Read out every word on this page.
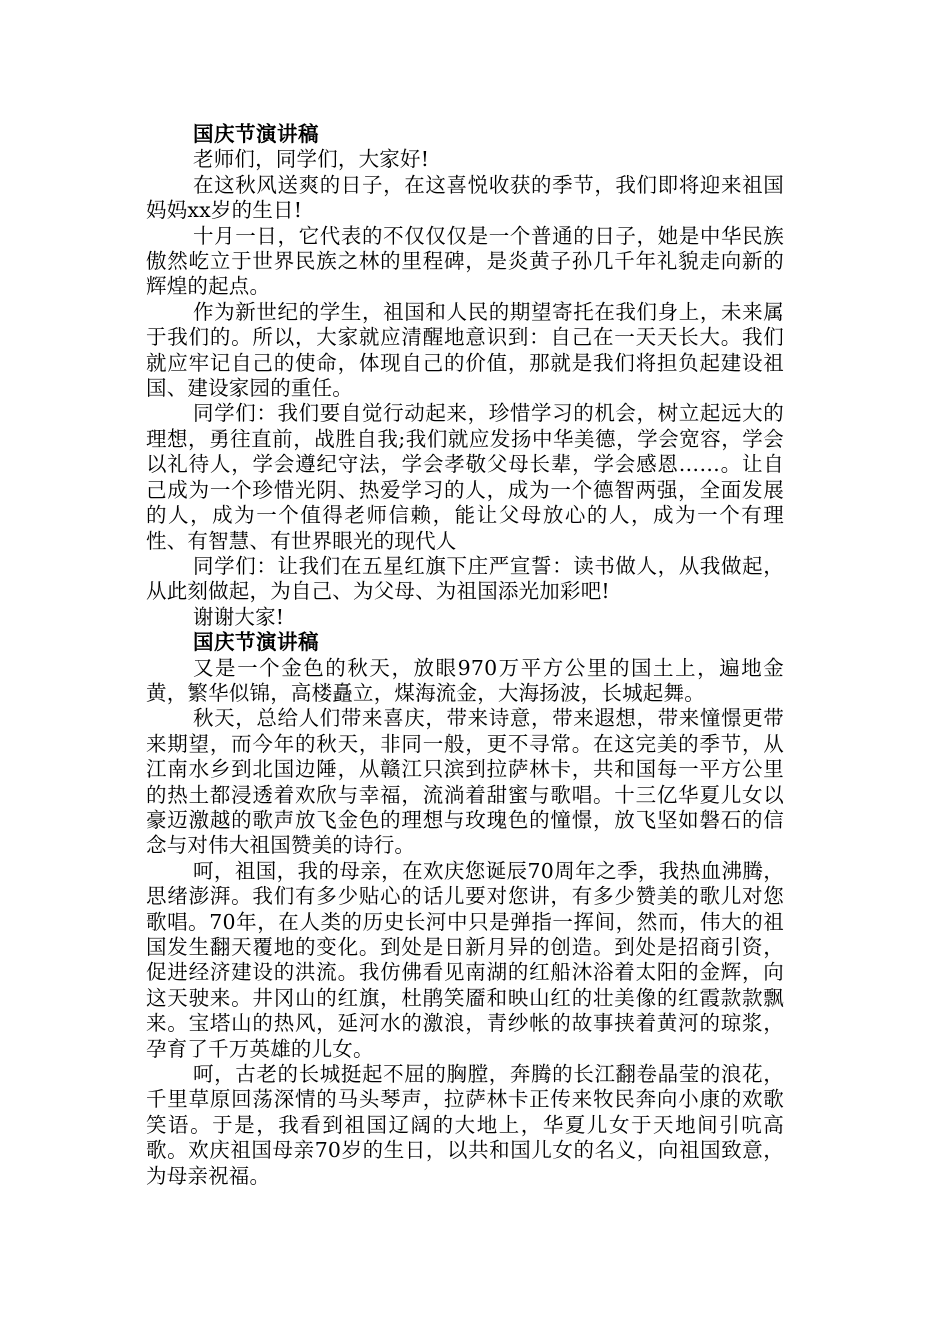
国庆节演讲稿

老师们，同学们，大家好!

在这秋风送爽的日子，在这喜悦收获的季节，我们即将迎来祖国妈妈xx岁的生日!

十月一日，它代表的不仅仅仅是一个普通的日子，她是中华民族傲然屹立于世界民族之林的里程碑，是炎黄子孙几千年礼貌走向新的辉煌的起点。

作为新世纪的学生，祖国和人民的期望寄托在我们身上，未来属于我们的。所以，大家就应清醒地意识到：自己在一天天长大。我们就应牢记自己的使命，体现自己的价值，那就是我们将担负起建设祖国、建设家园的重任。

同学们：我们要自觉行动起来，珍惜学习的机会，树立起远大的理想，勇往直前，战胜自我;我们就应发扬中华美德，学会宽容，学会以礼待人，学会遵纪守法，学会孝敬父母长辈，学会感恩……。让自己成为一个珍惜光阴、热爱学习的人，成为一个德智两强，全面发展的人，成为一个值得老师信赖，能让父母放心的人，成为一个有理性、有智慧、有世界眼光的现代人

同学们：让我们在五星红旗下庄严宣誓：读书做人，从我做起，从此刻做起，为自己、为父母、为祖国添光加彩吧!

谢谢大家!

国庆节演讲稿

又是一个金色的秋天，放眼970万平方公里的国土上，遍地金黄，繁华似锦，高楼矗立，煤海流金，大海扬波，长城起舞。

秋天，总给人们带来喜庆，带来诗意，带来遐想，带来憧憬更带来期望，而今年的秋天，非同一般，更不寻常。在这完美的季节，从江南水乡到北国边陲，从赣江只滨到拉萨林卡，共和国每一平方公里的热土都浸透着欢欣与幸福，流淌着甜蜜与歌唱。十三亿华夏儿女以豪迈激越的歌声放飞金色的理想与玫瑰色的憧憬，放飞坚如磐石的信念与对伟大祖国赞美的诗行。

呵，祖国，我的母亲，在欢庆您诞辰70周年之季，我热血沸腾，思绪澎湃。我们有多少贴心的话儿要对您讲，有多少赞美的歌儿对您歌唱。70年，在人类的历史长河中只是弹指一挥间，然而，伟大的祖国发生翻天覆地的变化。到处是日新月异的创造。到处是招商引资，促进经济建设的洪流。我仿佛看见南湖的红船沐浴着太阳的金辉，向这天驶来。井冈山的红旗，杜鹃笑靥和映山红的壮美像的红霞款款飘来。宝塔山的热风，延河水的激浪，青纱帐的故事挟着黄河的琼浆，孕育了千万英雄的儿女。

呵，古老的长城挺起不屈的胸膛，奔腾的长江翻卷晶莹的浪花，千里草原回荡深情的马头琴声，拉萨林卡正传来牧民奔向小康的欢歌笑语。于是，我看到祖国辽阔的大地上，华夏儿女于天地间引吭高歌。欢庆祖国母亲70岁的生日，以共和国儿女的名义，向祖国致意，为母亲祝福。
